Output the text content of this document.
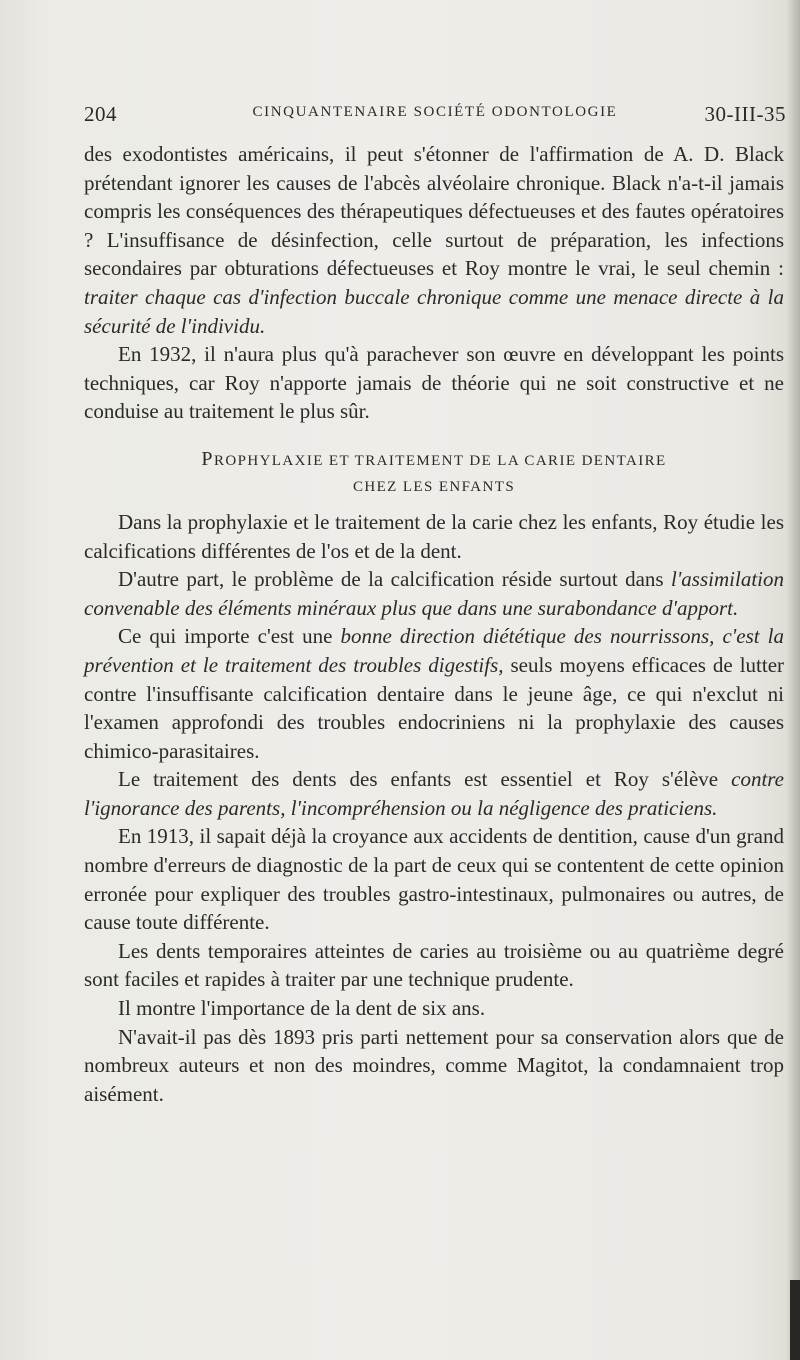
204	CINQUANTENAIRE SOCIÉTÉ ODONTOLOGIE	30-III-35

des exodontistes américains, il peut s'étonner de l'affirmation de A. D. Black prétendant ignorer les causes de l'abcès alvéolaire chronique. Black n'a-t-il jamais compris les conséquences des thérapeutiques défectueuses et des fautes opératoires ? L'insuffisance de désinfection, celle surtout de préparation, les infections secondaires par obturations défectueuses et Roy montre le vrai, le seul chemin : traiter chaque cas d'infection buccale chronique comme une menace directe à la sécurité de l'individu.

En 1932, il n'aura plus qu'à parachever son œuvre en développant les points techniques, car Roy n'apporte jamais de théorie qui ne soit constructive et ne conduise au traitement le plus sûr.

PROPHYLAXIE ET TRAITEMENT DE LA CARIE DENTAIRE
CHEZ LES ENFANTS

Dans la prophylaxie et le traitement de la carie chez les enfants, Roy étudie les calcifications différentes de l'os et de la dent.

D'autre part, le problème de la calcification réside surtout dans l'assimilation convenable des éléments minéraux plus que dans une surabondance d'apport.

Ce qui importe c'est une bonne direction diététique des nourrissons, c'est la prévention et le traitement des troubles digestifs, seuls moyens efficaces de lutter contre l'insuffisante calcification dentaire dans le jeune âge, ce qui n'exclut ni l'examen approfondi des troubles endocriniens ni la prophylaxie des causes chimico-parasitaires.

Le traitement des dents des enfants est essentiel et Roy s'élève contre l'ignorance des parents, l'incompréhension ou la négligence des praticiens.

En 1913, il sapait déjà la croyance aux accidents de dentition, cause d'un grand nombre d'erreurs de diagnostic de la part de ceux qui se contentent de cette opinion erronée pour expliquer des troubles gastro-intestinaux, pulmonaires ou autres, de cause toute différente.

Les dents temporaires atteintes de caries au troisième ou au quatrième degré sont faciles et rapides à traiter par une technique prudente.

Il montre l'importance de la dent de six ans.

N'avait-il pas dès 1893 pris parti nettement pour sa conservation alors que de nombreux auteurs et non des moindres, comme Magitot, la condamnaient trop aisément.
